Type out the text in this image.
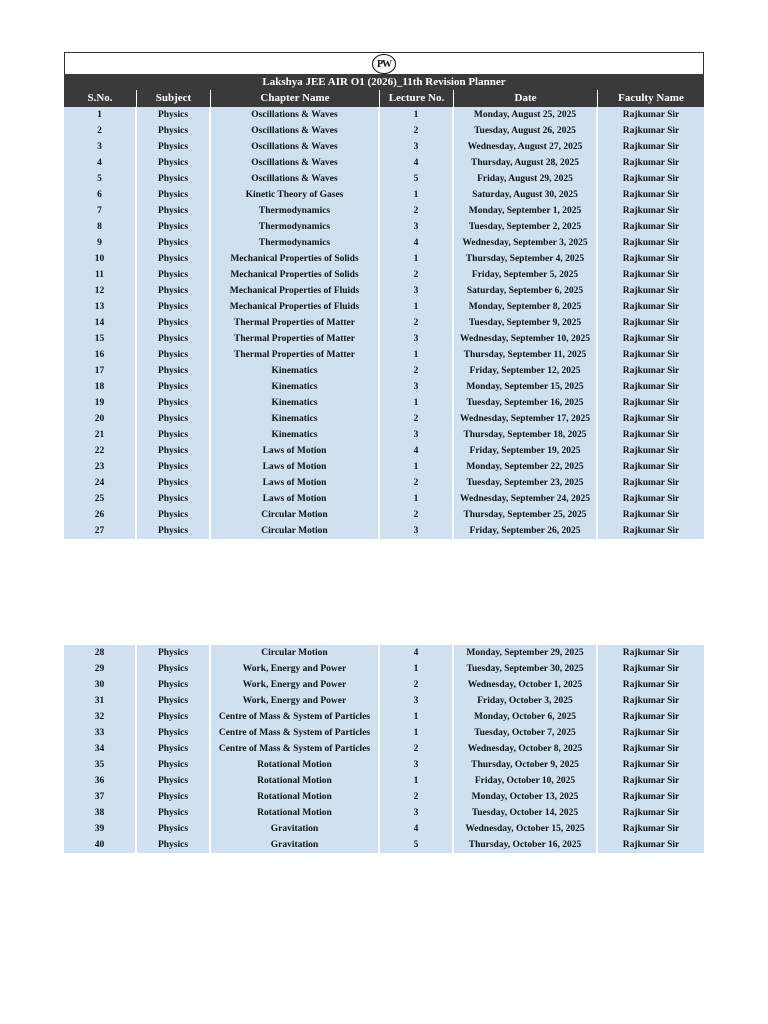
PW
Lakshya JEE AIR O1 (2026)_11th Revision Planner
S.No.	Subject	Chapter Name	Lecture No.	Date	Faculty Name
1	Physics	Oscillations & Waves	1	Monday, August 25, 2025	Rajkumar Sir
2	Physics	Oscillations & Waves	2	Tuesday, August 26, 2025	Rajkumar Sir
3	Physics	Oscillations & Waves	3	Wednesday, August 27, 2025	Rajkumar Sir
4	Physics	Oscillations & Waves	4	Thursday, August 28, 2025	Rajkumar Sir
5	Physics	Oscillations & Waves	5	Friday, August 29, 2025	Rajkumar Sir
6	Physics	Kinetic Theory of Gases	1	Saturday, August 30, 2025	Rajkumar Sir
7	Physics	Thermodynamics	2	Monday, September 1, 2025	Rajkumar Sir
8	Physics	Thermodynamics	3	Tuesday, September 2, 2025	Rajkumar Sir
9	Physics	Thermodynamics	4	Wednesday, September 3, 2025	Rajkumar Sir
10	Physics	Mechanical Properties of Solids	1	Thursday, September 4, 2025	Rajkumar Sir
11	Physics	Mechanical Properties of Solids	2	Friday, September 5, 2025	Rajkumar Sir
12	Physics	Mechanical Properties of Fluids	3	Saturday, September 6, 2025	Rajkumar Sir
13	Physics	Mechanical Properties of Fluids	1	Monday, September 8, 2025	Rajkumar Sir
14	Physics	Thermal Properties of Matter	2	Tuesday, September 9, 2025	Rajkumar Sir
15	Physics	Thermal Properties of Matter	3	Wednesday, September 10, 2025	Rajkumar Sir
16	Physics	Thermal Properties of Matter	1	Thursday, September 11, 2025	Rajkumar Sir
17	Physics	Kinematics	2	Friday, September 12, 2025	Rajkumar Sir
18	Physics	Kinematics	3	Monday, September 15, 2025	Rajkumar Sir
19	Physics	Kinematics	1	Tuesday, September 16, 2025	Rajkumar Sir
20	Physics	Kinematics	2	Wednesday, September 17, 2025	Rajkumar Sir
21	Physics	Kinematics	3	Thursday, September 18, 2025	Rajkumar Sir
22	Physics	Laws of Motion	4	Friday, September 19, 2025	Rajkumar Sir
23	Physics	Laws of Motion	1	Monday, September 22, 2025	Rajkumar Sir
24	Physics	Laws of Motion	2	Tuesday, September 23, 2025	Rajkumar Sir
25	Physics	Laws of Motion	1	Wednesday, September 24, 2025	Rajkumar Sir
26	Physics	Circular Motion	2	Thursday, September 25, 2025	Rajkumar Sir
27	Physics	Circular Motion	3	Friday, September 26, 2025	Rajkumar Sir
28	Physics	Circular Motion	4	Monday, September 29, 2025	Rajkumar Sir
29	Physics	Work, Energy and Power	1	Tuesday, September 30, 2025	Rajkumar Sir
30	Physics	Work, Energy and Power	2	Wednesday, October 1, 2025	Rajkumar Sir
31	Physics	Work, Energy and Power	3	Friday, October 3, 2025	Rajkumar Sir
32	Physics	Centre of Mass & System of Particles	1	Monday, October 6, 2025	Rajkumar Sir
33	Physics	Centre of Mass & System of Particles	1	Tuesday, October 7, 2025	Rajkumar Sir
34	Physics	Centre of Mass & System of Particles	2	Wednesday, October 8, 2025	Rajkumar Sir
35	Physics	Rotational Motion	3	Thursday, October 9, 2025	Rajkumar Sir
36	Physics	Rotational Motion	1	Friday, October 10, 2025	Rajkumar Sir
37	Physics	Rotational Motion	2	Monday, October 13, 2025	Rajkumar Sir
38	Physics	Rotational Motion	3	Tuesday, October 14, 2025	Rajkumar Sir
39	Physics	Gravitation	4	Wednesday, October 15, 2025	Rajkumar Sir
40	Physics	Gravitation	5	Thursday, October 16, 2025	Rajkumar Sir
